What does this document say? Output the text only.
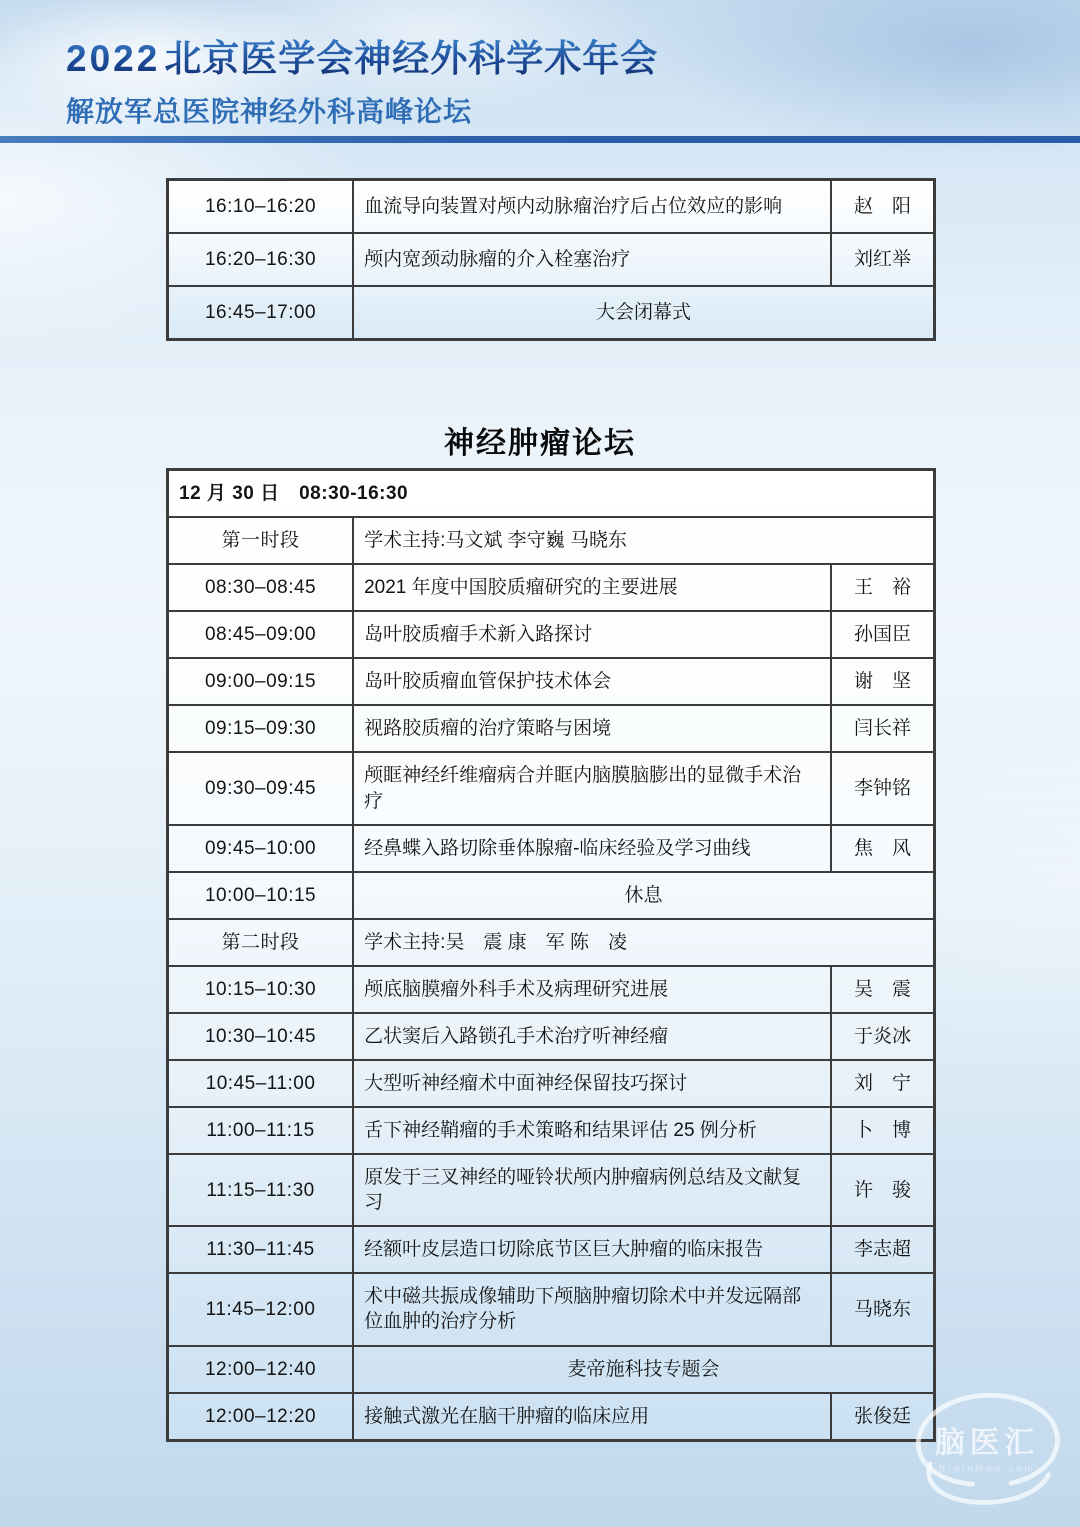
2022 北京医学会神经外科学术年会
解放军总医院神经外科高峰论坛
16:10–16:20	血流导向装置对颅内动脉瘤治疗后占位效应的影响	赵　阳
16:20–16:30	颅内宽颈动脉瘤的介入栓塞治疗	刘红举
16:45–17:00	大会闭幕式	
神经肿瘤论坛
12 月 30 日　08:30-16:30		
第一时段	学术主持:马文斌 李守巍 马晓东	
08:30–08:45	2021 年度中国胶质瘤研究的主要进展	王　裕
08:45–09:00	岛叶胶质瘤手术新入路探讨	孙国臣
09:00–09:15	岛叶胶质瘤血管保护技术体会	谢　坚
09:15–09:30	视路胶质瘤的治疗策略与困境	闫长祥
09:30–09:45	颅眶神经纤维瘤病合并眶内脑膜脑膨出的显微手术治疗	李钟铭
09:45–10:00	经鼻蝶入路切除垂体腺瘤-临床经验及学习曲线	焦　风
10:00–10:15	休息	
第二时段	学术主持:吴　震 康　军 陈　凌	
10:15–10:30	颅底脑膜瘤外科手术及病理研究进展	吴　震
10:30–10:45	乙状窦后入路锁孔手术治疗听神经瘤	于炎冰
10:45–11:00	大型听神经瘤术中面神经保留技巧探讨	刘　宁
11:00–11:15	舌下神经鞘瘤的手术策略和结果评估 25 例分析	卜　博
11:15–11:30	原发于三叉神经的哑铃状颅内肿瘤病例总结及文献复习	许　骏
11:30–11:45	经额叶皮层造口切除底节区巨大肿瘤的临床报告	李志超
11:45–12:00	术中磁共振成像辅助下颅脑肿瘤切除术中并发远隔部位血肿的治疗分析	马晓东
12:00–12:40	麦帝施科技专题会	
12:00–12:20	接触式激光在脑干肿瘤的临床应用	张俊廷
脑医汇
BrainMed.com
